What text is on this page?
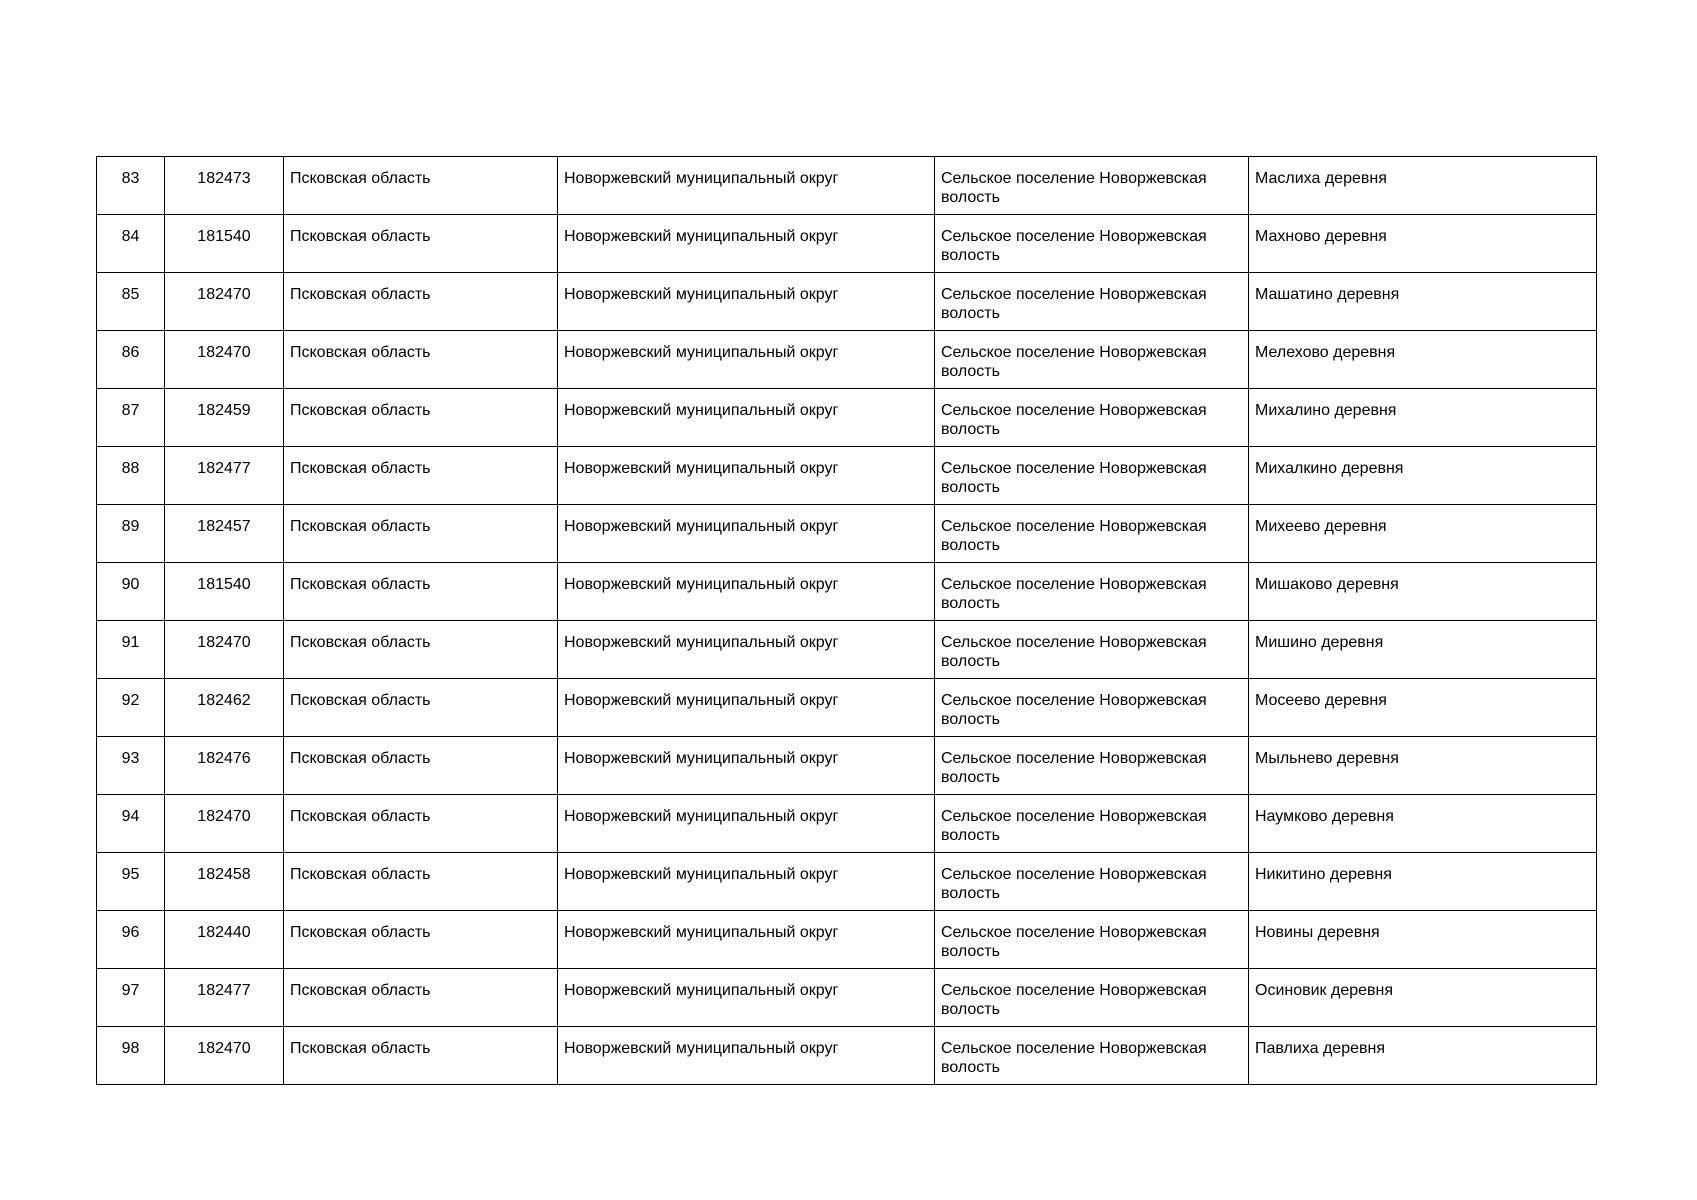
83	182473	Псковская область	Новоржевский муниципальный округ	Сельское поселение Новоржевская волость	Маслиха деревня
84	181540	Псковская область	Новоржевский муниципальный округ	Сельское поселение Новоржевская волость	Махново деревня
85	182470	Псковская область	Новоржевский муниципальный округ	Сельское поселение Новоржевская волость	Машатино деревня
86	182470	Псковская область	Новоржевский муниципальный округ	Сельское поселение Новоржевская волость	Мелехово деревня
87	182459	Псковская область	Новоржевский муниципальный округ	Сельское поселение Новоржевская волость	Михалино деревня
88	182477	Псковская область	Новоржевский муниципальный округ	Сельское поселение Новоржевская волость	Михалкино деревня
89	182457	Псковская область	Новоржевский муниципальный округ	Сельское поселение Новоржевская волость	Михеево деревня
90	181540	Псковская область	Новоржевский муниципальный округ	Сельское поселение Новоржевская волость	Мишаково деревня
91	182470	Псковская область	Новоржевский муниципальный округ	Сельское поселение Новоржевская волость	Мишино деревня
92	182462	Псковская область	Новоржевский муниципальный округ	Сельское поселение Новоржевская волость	Мосеево деревня
93	182476	Псковская область	Новоржевский муниципальный округ	Сельское поселение Новоржевская волость	Мыльнево деревня
94	182470	Псковская область	Новоржевский муниципальный округ	Сельское поселение Новоржевская волость	Наумково деревня
95	182458	Псковская область	Новоржевский муниципальный округ	Сельское поселение Новоржевская волость	Никитино деревня
96	182440	Псковская область	Новоржевский муниципальный округ	Сельское поселение Новоржевская волость	Новины деревня
97	182477	Псковская область	Новоржевский муниципальный округ	Сельское поселение Новоржевская волость	Осиновик деревня
98	182470	Псковская область	Новоржевский муниципальный округ	Сельское поселение Новоржевская волость	Павлиха деревня
